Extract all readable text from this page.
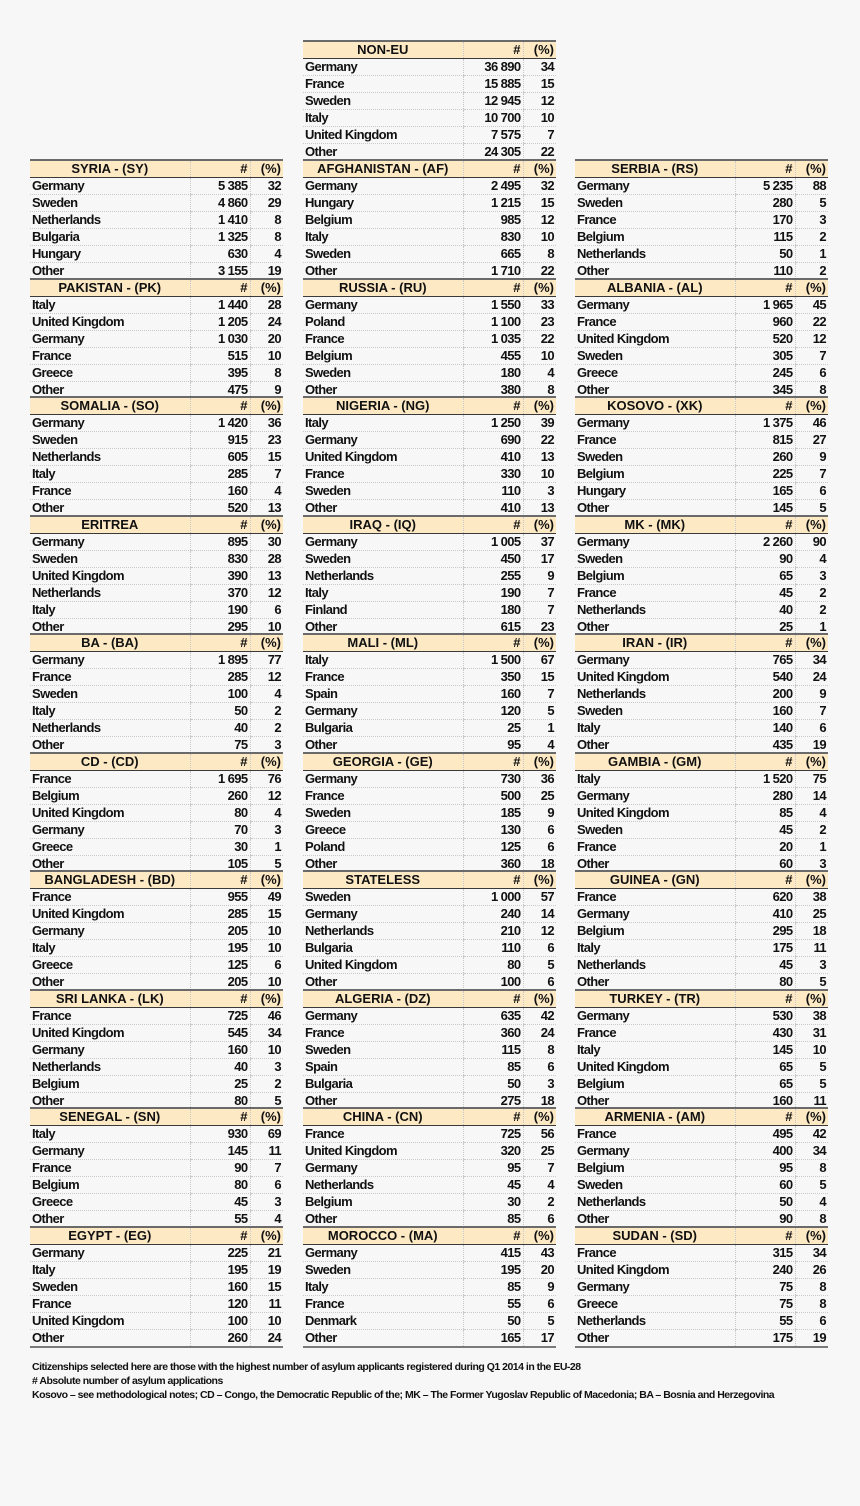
NON-EU	#	(%)
Germany	36 890	34
France	15 885	15
Sweden	12 945	12
Italy	10 700	10
United Kingdom	7 575	7
Other	24 305	22
SYRIA - (SY)	#	(%)
Germany	5 385	32
Sweden	4 860	29
Netherlands	1 410	8
Bulgaria	1 325	8
Hungary	630	4
Other	3 155	19
AFGHANISTAN - (AF)	#	(%)
Germany	2 495	32
Hungary	1 215	15
Belgium	985	12
Italy	830	10
Sweden	665	8
Other	1 710	22
SERBIA - (RS)	#	(%)
Germany	5 235	88
Sweden	280	5
France	170	3
Belgium	115	2
Netherlands	50	1
Other	110	2
PAKISTAN - (PK)	#	(%)
Italy	1 440	28
United Kingdom	1 205	24
Germany	1 030	20
France	515	10
Greece	395	8
Other	475	9
RUSSIA - (RU)	#	(%)
Germany	1 550	33
Poland	1 100	23
France	1 035	22
Belgium	455	10
Sweden	180	4
Other	380	8
ALBANIA - (AL)	#	(%)
Germany	1 965	45
France	960	22
United Kingdom	520	12
Sweden	305	7
Greece	245	6
Other	345	8
SOMALIA - (SO)	#	(%)
Germany	1 420	36
Sweden	915	23
Netherlands	605	15
Italy	285	7
France	160	4
Other	520	13
NIGERIA - (NG)	#	(%)
Italy	1 250	39
Germany	690	22
United Kingdom	410	13
France	330	10
Sweden	110	3
Other	410	13
KOSOVO - (XK)	#	(%)
Germany	1 375	46
France	815	27
Sweden	260	9
Belgium	225	7
Hungary	165	6
Other	145	5
ERITREA	#	(%)
Germany	895	30
Sweden	830	28
United Kingdom	390	13
Netherlands	370	12
Italy	190	6
Other	295	10
IRAQ - (IQ)	#	(%)
Germany	1 005	37
Sweden	450	17
Netherlands	255	9
Italy	190	7
Finland	180	7
Other	615	23
MK - (MK)	#	(%)
Germany	2 260	90
Sweden	90	4
Belgium	65	3
France	45	2
Netherlands	40	2
Other	25	1
BA - (BA)	#	(%)
Germany	1 895	77
France	285	12
Sweden	100	4
Italy	50	2
Netherlands	40	2
Other	75	3
MALI - (ML)	#	(%)
Italy	1 500	67
France	350	15
Spain	160	7
Germany	120	5
Bulgaria	25	1
Other	95	4
IRAN - (IR)	#	(%)
Germany	765	34
United Kingdom	540	24
Netherlands	200	9
Sweden	160	7
Italy	140	6
Other	435	19
CD - (CD)	#	(%)
France	1 695	76
Belgium	260	12
United Kingdom	80	4
Germany	70	3
Greece	30	1
Other	105	5
GEORGIA - (GE)	#	(%)
Germany	730	36
France	500	25
Sweden	185	9
Greece	130	6
Poland	125	6
Other	360	18
GAMBIA - (GM)	#	(%)
Italy	1 520	75
Germany	280	14
United Kingdom	85	4
Sweden	45	2
France	20	1
Other	60	3
BANGLADESH - (BD)	#	(%)
France	955	49
United Kingdom	285	15
Germany	205	10
Italy	195	10
Greece	125	6
Other	205	10
STATELESS	#	(%)
Sweden	1 000	57
Germany	240	14
Netherlands	210	12
Bulgaria	110	6
United Kingdom	80	5
Other	100	6
GUINEA - (GN)	#	(%)
France	620	38
Germany	410	25
Belgium	295	18
Italy	175	11
Netherlands	45	3
Other	80	5
SRI LANKA - (LK)	#	(%)
France	725	46
United Kingdom	545	34
Germany	160	10
Netherlands	40	3
Belgium	25	2
Other	80	5
ALGERIA - (DZ)	#	(%)
Germany	635	42
France	360	24
Sweden	115	8
Spain	85	6
Bulgaria	50	3
Other	275	18
TURKEY - (TR)	#	(%)
Germany	530	38
France	430	31
Italy	145	10
United Kingdom	65	5
Belgium	65	5
Other	160	11
SENEGAL - (SN)	#	(%)
Italy	930	69
Germany	145	11
France	90	7
Belgium	80	6
Greece	45	3
Other	55	4
CHINA - (CN)	#	(%)
France	725	56
United Kingdom	320	25
Germany	95	7
Netherlands	45	4
Belgium	30	2
Other	85	6
ARMENIA - (AM)	#	(%)
France	495	42
Germany	400	34
Belgium	95	8
Sweden	60	5
Netherlands	50	4
Other	90	8
EGYPT - (EG)	#	(%)
Germany	225	21
Italy	195	19
Sweden	160	15
France	120	11
United Kingdom	100	10
Other	260	24
MOROCCO - (MA)	#	(%)
Germany	415	43
Sweden	195	20
Italy	85	9
France	55	6
Denmark	50	5
Other	165	17
SUDAN - (SD)	#	(%)
France	315	34
United Kingdom	240	26
Germany	75	8
Greece	75	8
Netherlands	55	6
Other	175	19
Citizenships selected here are those with the highest number of asylum applicants registered during Q1 2014 in the EU-28
# Absolute number of asylum applications
Kosovo – see methodological notes; CD – Congo, the Democratic Republic of the; MK – The Former Yugoslav Republic of Macedonia; BA – Bosnia and Herzegovina
